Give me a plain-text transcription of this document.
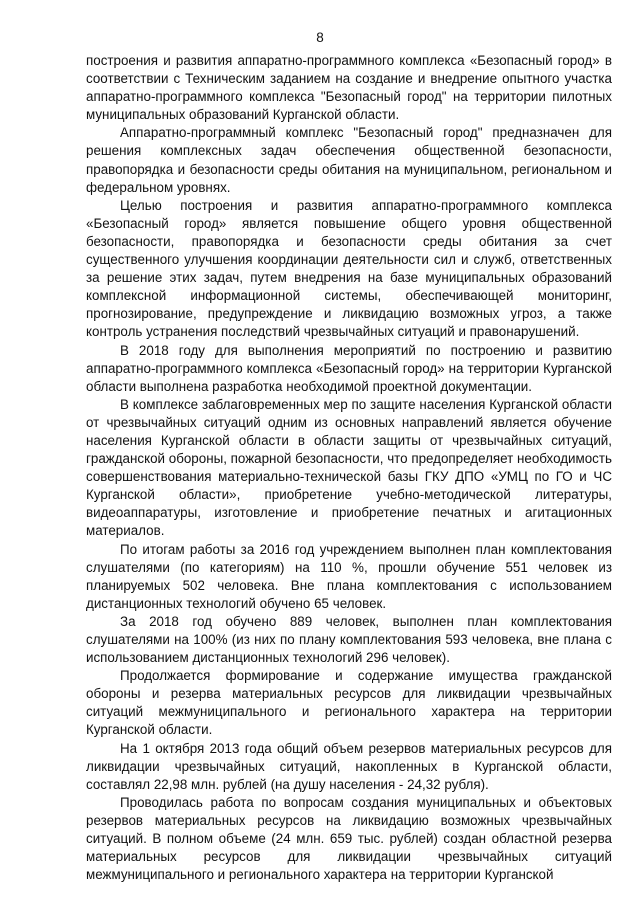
8

построения и развития аппаратно-программного комплекса «Безопасный город» в соответствии с Техническим заданием на создание и внедрение опытного участка аппаратно-программного комплекса "Безопасный город" на территории пилотных муниципальных образований Курганской области.

Аппаратно-программный комплекс "Безопасный город" предназначен для решения комплексных задач обеспечения общественной безопасности, правопорядка и безопасности среды обитания на муниципальном, региональном и федеральном уровнях.

Целью построения и развития аппаратно-программного комплекса «Безопасный город» является повышение общего уровня общественной безопасности, правопорядка и безопасности среды обитания за счет существенного улучшения координации деятельности сил и служб, ответственных за решение этих задач, путем внедрения на базе муниципальных образований комплексной информационной системы, обеспечивающей мониторинг, прогнозирование, предупреждение и ликвидацию возможных угроз, а также контроль устранения последствий чрезвычайных ситуаций и правонарушений.

В 2018 году для выполнения мероприятий по построению и развитию аппаратно-программного комплекса «Безопасный город» на территории Курганской области выполнена разработка необходимой проектной документации.

В комплексе заблаговременных мер по защите населения Курганской области от чрезвычайных ситуаций одним из основных направлений является обучение населения Курганской области в области защиты от чрезвычайных ситуаций, гражданской обороны, пожарной безопасности, что предопределяет необходимость совершенствования материально-технической базы ГКУ ДПО «УМЦ по ГО и ЧС Курганской области», приобретение учебно-методической литературы, видеоаппаратуры, изготовление и приобретение печатных и агитационных материалов.

По итогам работы за 2016 год учреждением выполнен план комплектования слушателями (по категориям) на 110 %, прошли обучение 551 человек из планируемых 502 человека. Вне плана комплектования с использованием дистанционных технологий обучено 65 человек.

За 2018 год обучено 889 человек, выполнен план комплектования слушателями на 100% (из них по плану комплектования 593 человека, вне плана с использованием дистанционных технологий 296 человек).

Продолжается формирование и содержание имущества гражданской обороны и резерва материальных ресурсов для ликвидации чрезвычайных ситуаций межмуниципального и регионального характера на территории Курганской области.

На 1 октября 2013 года общий объем резервов материальных ресурсов для ликвидации чрезвычайных ситуаций, накопленных в Курганской области, составлял 22,98 млн. рублей (на душу населения - 24,32 рубля).

Проводилась работа по вопросам создания муниципальных и объектовых резервов материальных ресурсов на ликвидацию возможных чрезвычайных ситуаций. В полном объеме (24 млн. 659 тыс. рублей) создан областной резерва материальных ресурсов для ликвидации чрезвычайных ситуаций межмуниципального и регионального характера на территории Курганской
